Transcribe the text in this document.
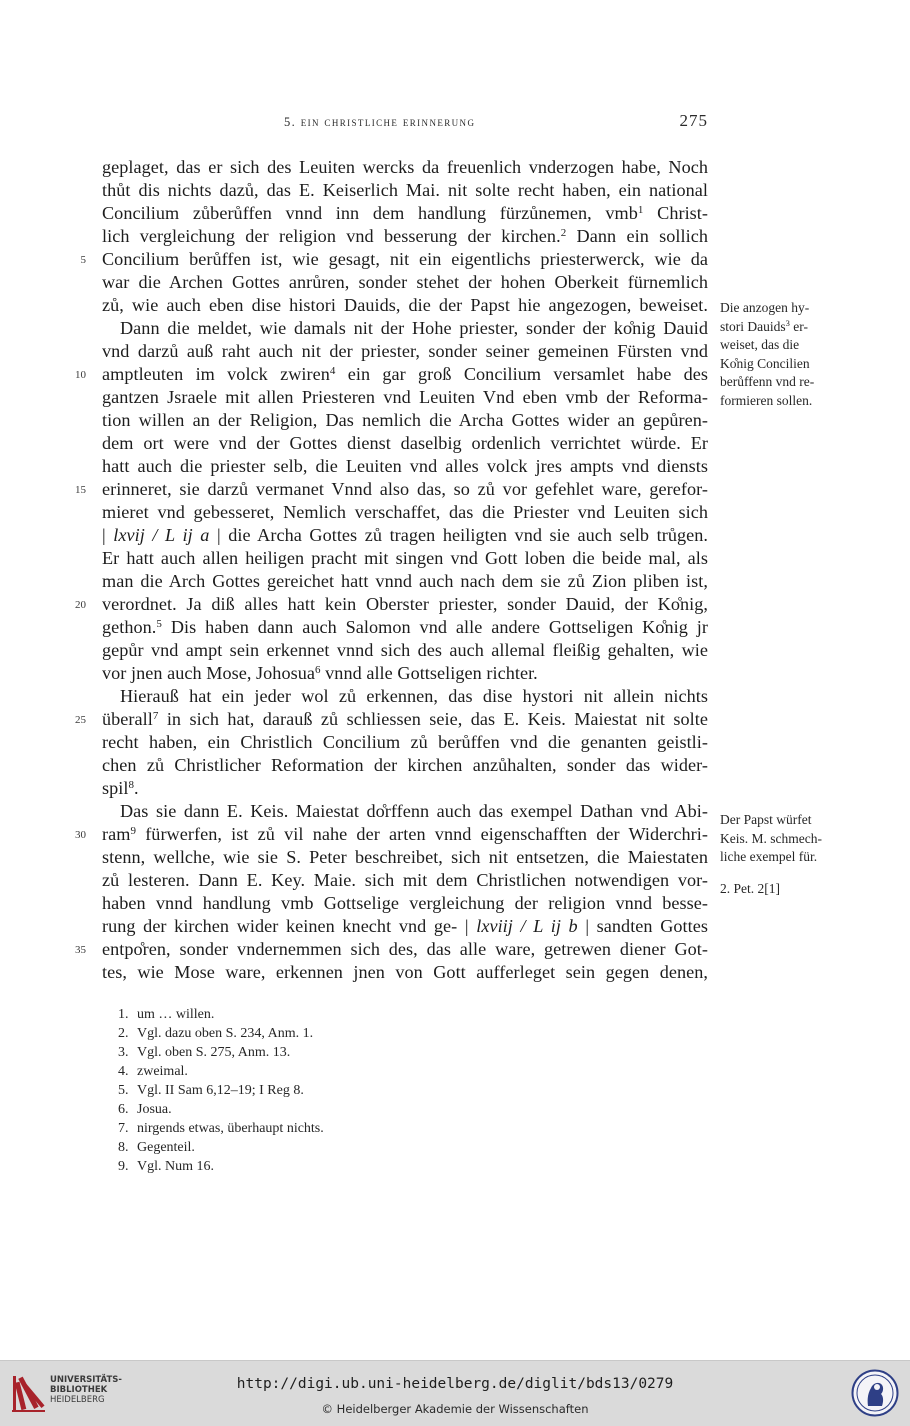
5. ein christliche erinnerung	275
geplaget, das er sich des Leuiten wercks da freuenlich vnderzogen habe, Noch
thůt dis nichts dazů, das E. Keiserlich Mai. nit solte recht haben, ein national
Concilium zůberůffen vnnd inn dem handlung fürzůnemen, vmb$^1$ Christ-
lich vergleichung der religion vnd besserung der kirchen.$^2$ Dann ein sollich
Concilium berůffen ist, wie gesagt, nit ein eigentlichs priesterwerck, wie da
war die Archen Gottes anrůren, sonder stehet der hohen Oberkeit fürnemlich
zů, wie auch eben dise histori Dauids, die der Papst hie angezogen, beweiset.
Dann die meldet, wie damals nit der Hohe priester, sonder der ko̊nig Dauid
vnd darzů auß raht auch nit der priester, sonder seiner gemeinen Fürsten vnd
amptleuten im volck zwiren$^4$ ein gar groß Concilium versamlet habe des
gantzen Jsraele mit allen Priesteren vnd Leuiten Vnd eben vmb der Reforma-
tion willen an der Religion, Das nemlich die Archa Gottes wider an gepůren-
dem ort were vnd der Gottes dienst daselbig ordenlich verrichtet würde. Er
hatt auch die priester selb, die Leuiten vnd alles volck jres ampts vnd diensts
erinneret, sie darzů vermanet Vnnd also das, so zů vor gefehlet ware, gerefor-
mieret vnd gebesseret, Nemlich verschaffet, das die Priester vnd Leuiten sich
| lxvij / L ij a | die Archa Gottes zů tragen heiligten vnd sie auch selb trůgen.
Er hatt auch allen heiligen pracht mit singen vnd Gott loben die beide mal, als
man die Arch Gottes gereichet hatt vnnd auch nach dem sie zů Zion pliben ist,
verordnet. Ja diß alles hatt kein Oberster priester, sonder Dauid, der Ko̊nig,
gethon.$^5$ Dis haben dann auch Salomon vnd alle andere Gottseligen Ko̊nig jr
gepůr vnd ampt sein erkennet vnnd sich des auch allemal fleißig gehalten, wie
vor jnen auch Mose, Johosua$^6$ vnnd alle Gottseligen richter.
Hierauß hat ein jeder wol zů erkennen, das dise hystori nit allein nichts
überall$^7$ in sich hat, darauß zů schliessen seie, das E. Keis. Maiestat nit solte
recht haben, ein Christlich Concilium zů berůffen vnd die genanten geistli-
chen zů Christlicher Reformation der kirchen anzůhalten, sonder das wider-
spil$^8$.
Das sie dann E. Keis. Maiestat do̊rffenn auch das exempel Dathan vnd Abi-
ram$^9$ fürwerfen, ist zů vil nahe der arten vnnd eigenschafften der Widerchri-
stenn, wellche, wie sie S. Peter beschreibet, sich nit entsetzen, die Maiestaten
zů lesteren. Dann E. Key. Maie. sich mit dem Christlichen notwendigen vor-
haben vnnd handlung vmb Gottselige vergleichung der religion vnnd besse-
rung der kirchen wider keinen knecht vnd ge- | lxviij / L ij b | sandten Gottes
entpo̊ren, sonder vndernemmen sich des, das alle ware, getrewen diener Got-
tes, wie Mose ware, erkennen jnen von Gott aufferleget sein gegen denen,
5
10
15
20
25
30
35
Die anzogen hy-
stori Dauids$^3$ er-
weiset, das die
Ko̊nig Concilien
berůffenn vnd re-
formieren sollen.
Der Papst würfet
Keis. M. schmech-
liche exempel für.
2. Pet. 2[1]
1. um … willen.
2. Vgl. dazu oben S. 234, Anm. 1.
3. Vgl. oben S. 275, Anm. 13.
4. zweimal.
5. Vgl. II Sam 6,12–19; I Reg 8.
6. Josua.
7. nirgends etwas, überhaupt nichts.
8. Gegenteil.
9. Vgl. Num 16.
UNIVERSITÄTS-
BIBLIOTHEK
HEIDELBERG
http://digi.ub.uni-heidelberg.de/diglit/bds13/0279
© Heidelberger Akademie der Wissenschaften
